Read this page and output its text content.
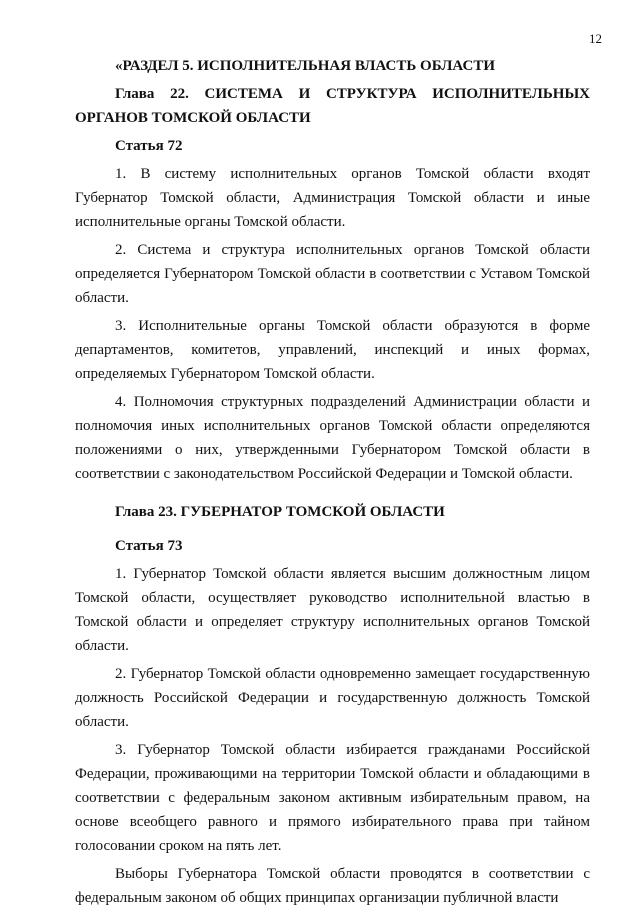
12

«РАЗДЕЛ 5. ИСПОЛНИТЕЛЬНАЯ ВЛАСТЬ ОБЛАСТИ

Глава 22. СИСТЕМА И СТРУКТУРА ИСПОЛНИТЕЛЬНЫХ ОРГАНОВ ТОМСКОЙ ОБЛАСТИ

Статья 72

1. В систему исполнительных органов Томской области входят Губернатор Томской области, Администрация Томской области и иные исполнительные органы Томской области.

2. Система и структура исполнительных органов Томской области определяется Губернатором Томской области в соответствии с Уставом Томской области.

3. Исполнительные органы Томской области образуются в форме департаментов, комитетов, управлений, инспекций и иных формах, определяемых Губернатором Томской области.

4. Полномочия структурных подразделений Администрации области и полномочия иных исполнительных органов Томской области определяются положениями о них, утвержденными Губернатором Томской области в соответствии с законодательством Российской Федерации и Томской области.

Глава 23. ГУБЕРНАТОР ТОМСКОЙ ОБЛАСТИ

Статья 73

1. Губернатор Томской области является высшим должностным лицом Томской области, осуществляет руководство исполнительной властью в Томской области и определяет структуру исполнительных органов Томской области.

2. Губернатор Томской области одновременно замещает государственную должность Российской Федерации и государственную должность Томской области.

3. Губернатор Томской области избирается гражданами Российской Федерации, проживающими на территории Томской области и обладающими в соответствии с федеральным законом активным избирательным правом, на основе всеобщего равного и прямого избирательного права при тайном голосовании сроком на пять лет.

Выборы Губернатора Томской области проводятся в соответствии с федеральным законом об общих принципах организации публичной власти
